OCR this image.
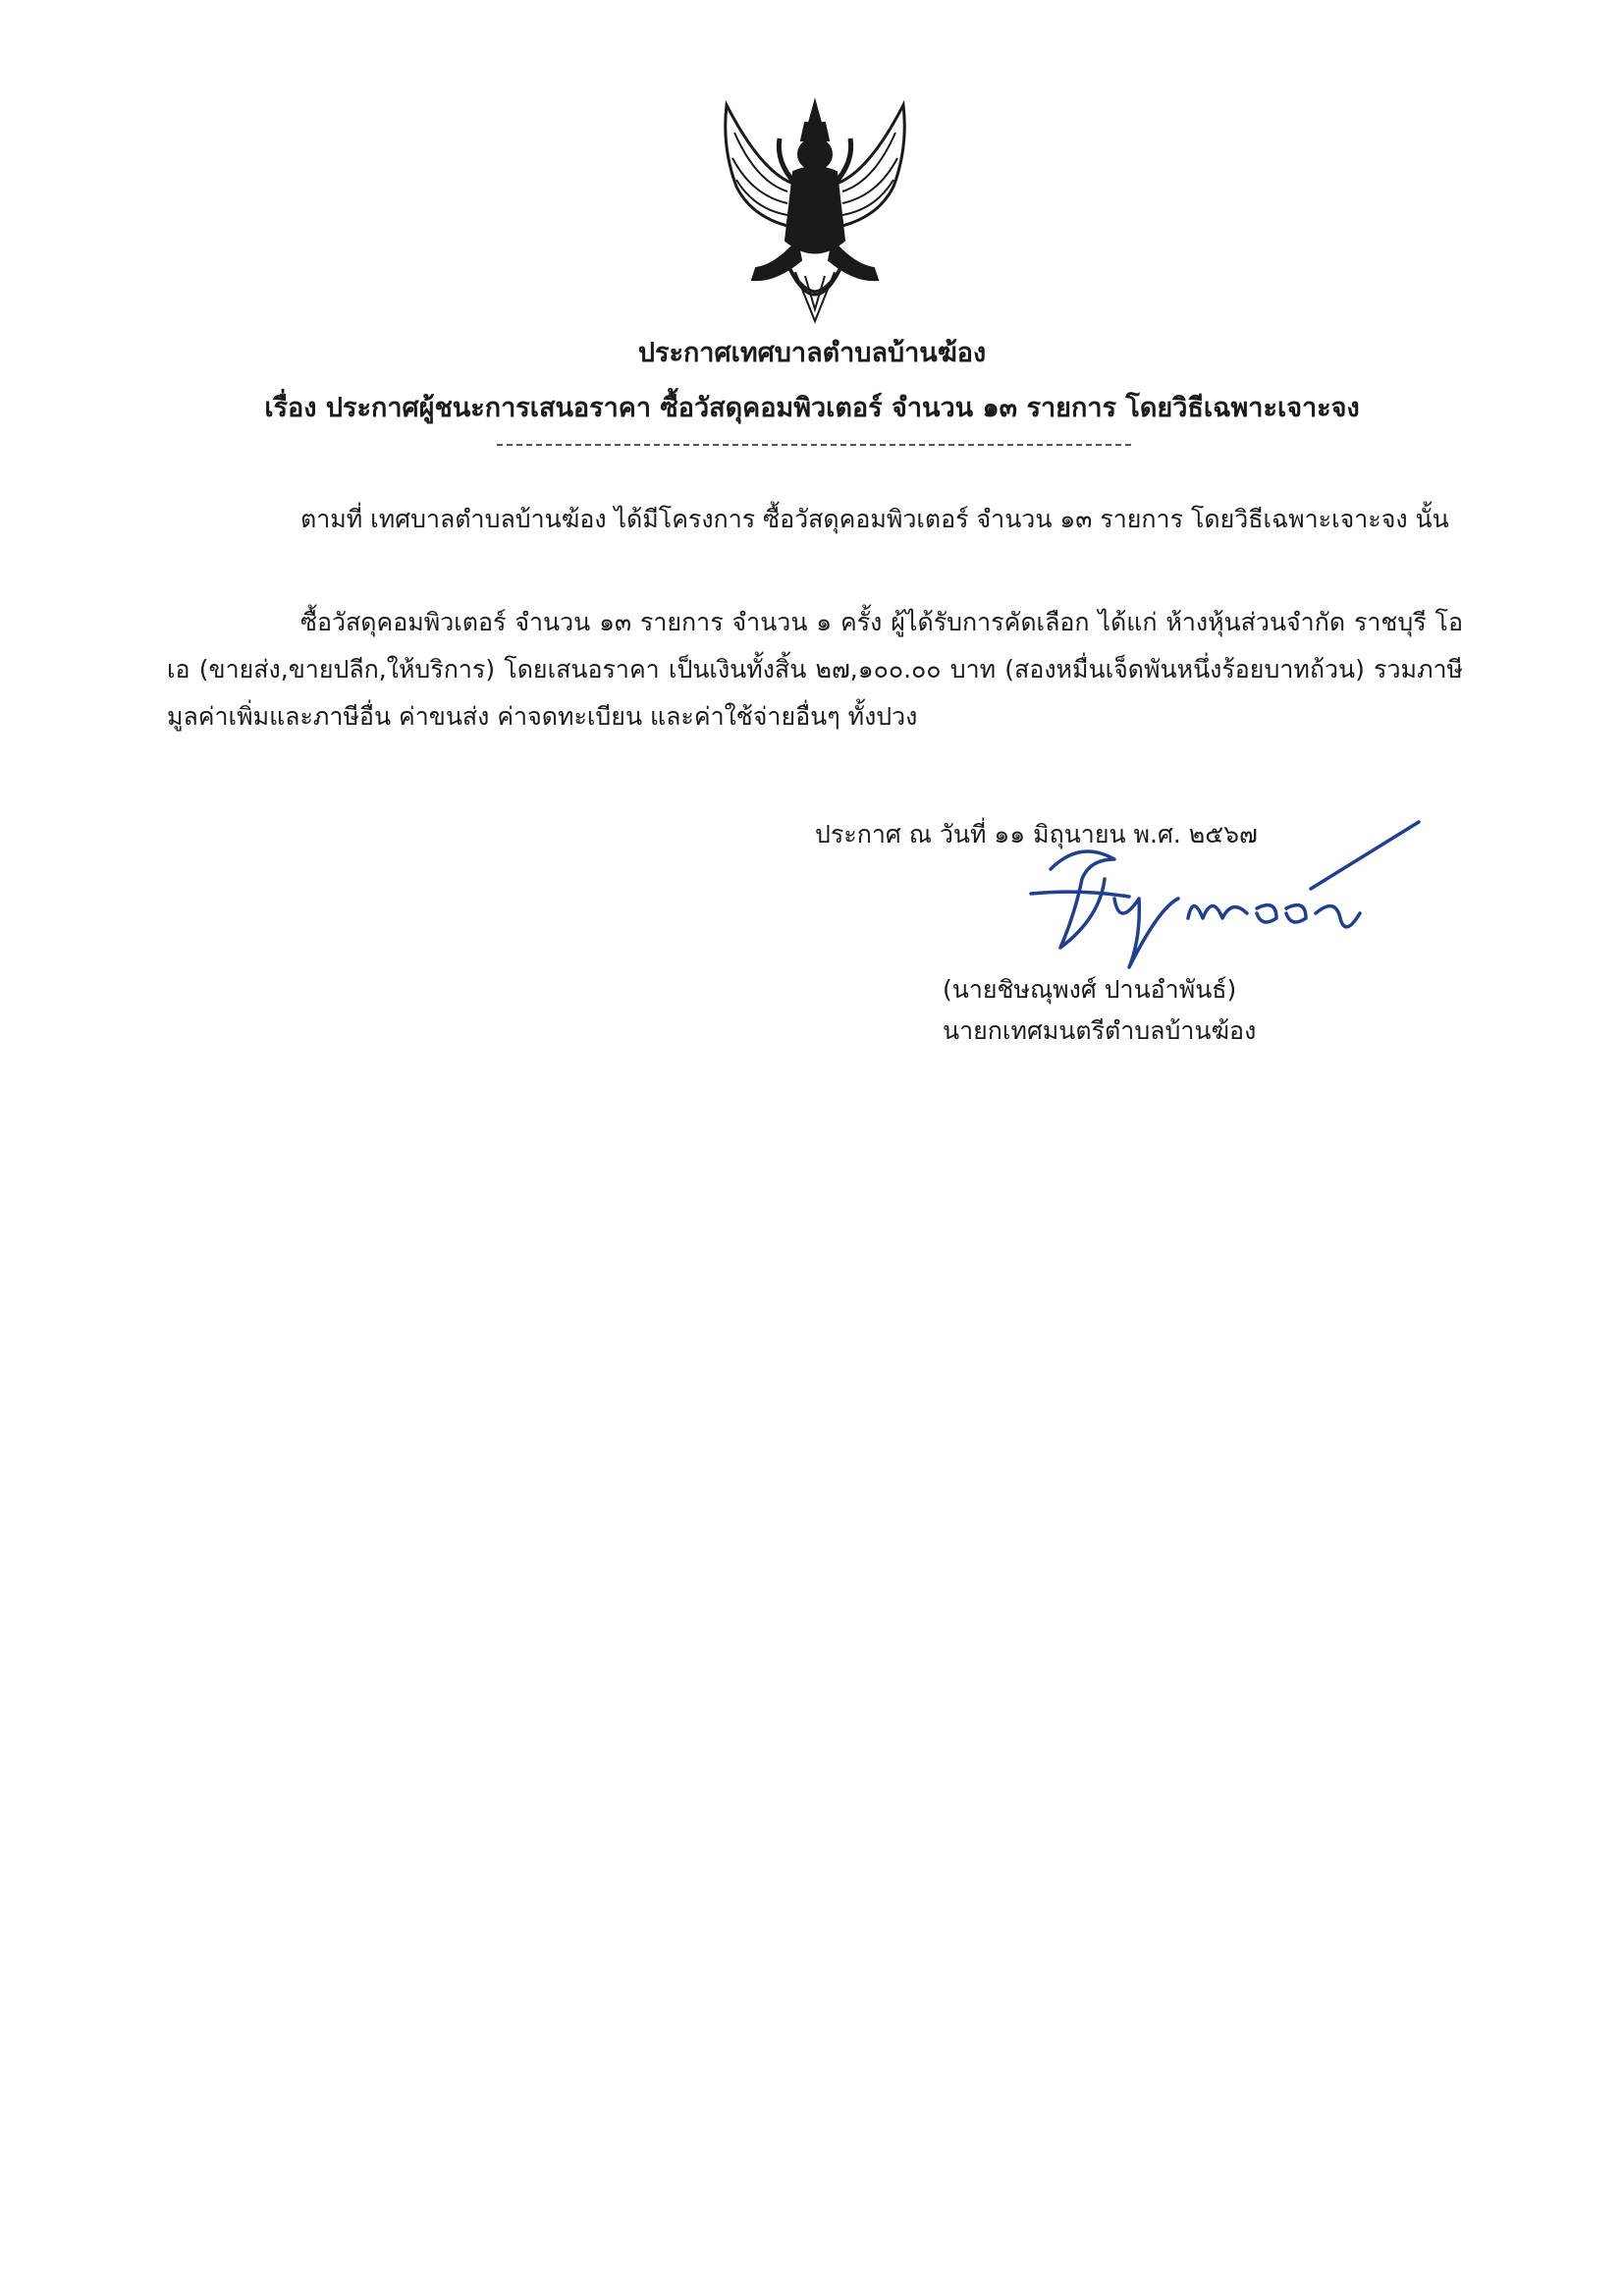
ประกาศเทศบาลตำบลบ้านฆ้อง
เรื่อง ประกาศผู้ชนะการเสนอราคา ซื้อวัสดุคอมพิวเตอร์ จำนวน ๑๓ รายการ โดยวิธีเฉพาะเจาะจง
ตามที่ เทศบาลตำบลบ้านฆ้อง ได้มีโครงการ ซื้อวัสดุคอมพิวเตอร์ จำนวน ๑๓ รายการ โดยวิธีเฉพาะเจาะจง นั้น
ซื้อวัสดุคอมพิวเตอร์ จำนวน ๑๓ รายการ จำนวน ๑ ครั้ง ผู้ได้รับการคัดเลือก ได้แก่ ห้างหุ้นส่วนจำกัด ราชบุรี โอ เอ (ขายส่ง,ขายปลีก,ให้บริการ) โดยเสนอราคา เป็นเงินทั้งสิ้น ๒๗,๑๐๐.๐๐ บาท (สองหมื่นเจ็ดพันหนึ่งร้อยบาทถ้วน) รวมภาษีมูลค่าเพิ่มและภาษีอื่น ค่าขนส่ง ค่าจดทะเบียน และค่าใช้จ่ายอื่นๆ ทั้งปวง
ประกาศ ณ วันที่ ๑๑ มิถุนายน พ.ศ. ๒๕๖๗
(นายชิษณุพงศ์ ปานอำพันธ์)
นายกเทศมนตรีตำบลบ้านฆ้อง
